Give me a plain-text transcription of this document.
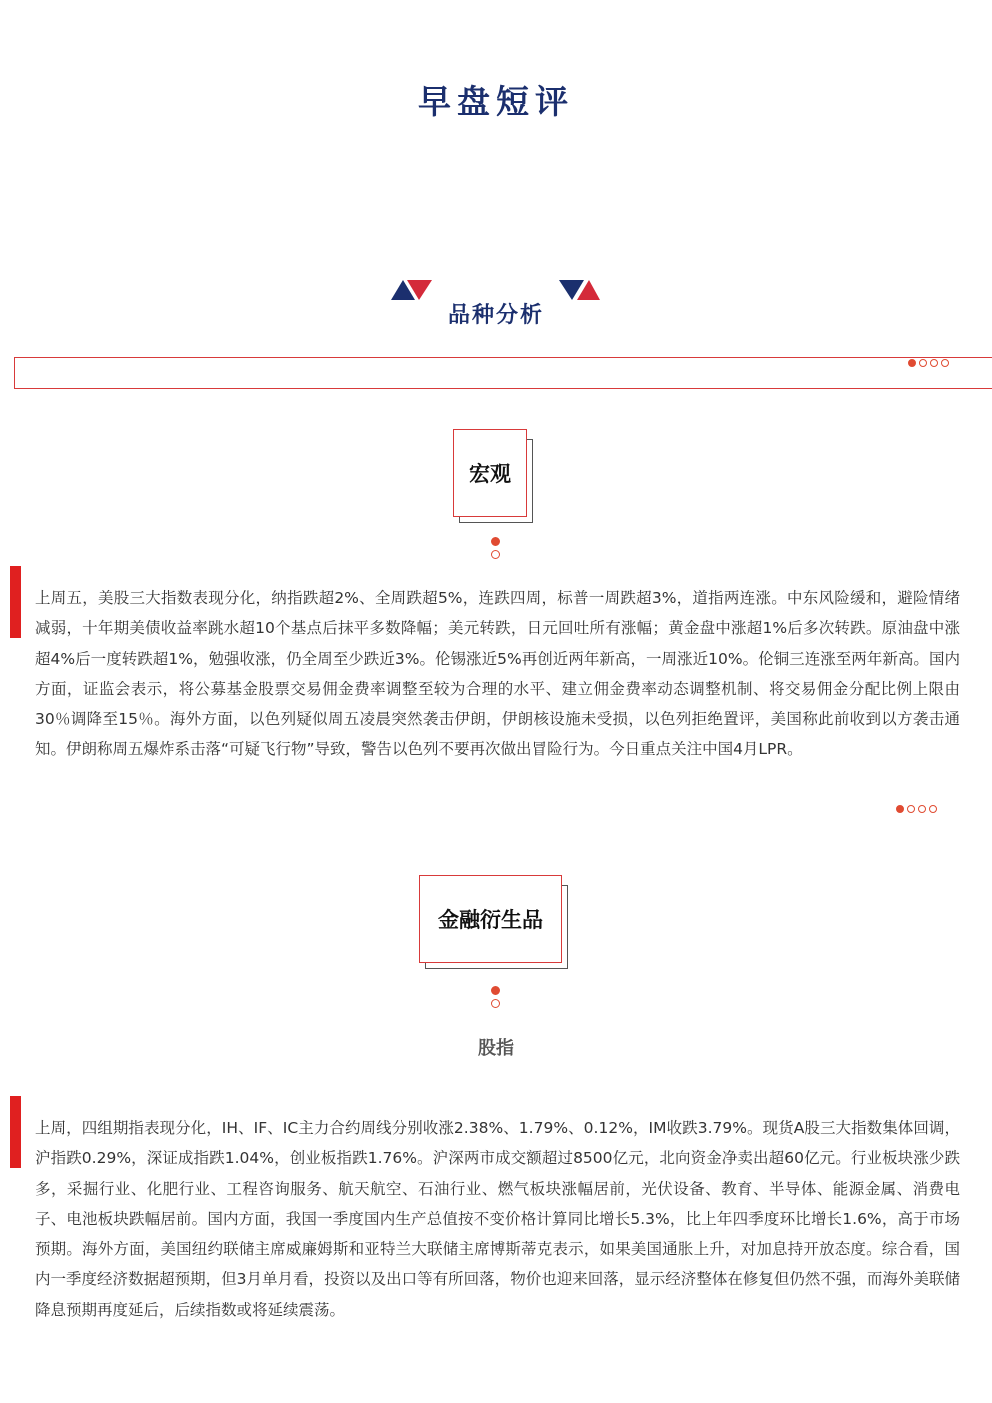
早盘短评
品种分析
宏观
上周五，美股三大指数表现分化，纳指跌超2%、全周跌超5%，连跌四周，标普一周跌超3%，道指两连涨。中东风险缓和，避险情绪减弱，十年期美债收益率跳水超10个基点后抹平多数降幅；美元转跌，日元回吐所有涨幅；黄金盘中涨超1%后多次转跌。原油盘中涨超4%后一度转跌超1%，勉强收涨，仍全周至少跌近3%。伦锡涨近5%再创近两年新高，一周涨近10%。伦铜三连涨至两年新高。国内方面，证监会表示，将公募基金股票交易佣金费率调整至较为合理的水平、建立佣金费率动态调整机制、将交易佣金分配比例上限由30％调降至15％。海外方面，以色列疑似周五凌晨突然袭击伊朗，伊朗核设施未受损，以色列拒绝置评，美国称此前收到以方袭击通知。伊朗称周五爆炸系击落“可疑飞行物”导致，警告以色列不要再次做出冒险行为。今日重点关注中国4月LPR。
金融衍生品
股指
上周，四组期指表现分化，IH、IF、IC主力合约周线分别收涨2.38%、1.79%、0.12%，IM收跌3.79%。现货A股三大指数集体回调，沪指跌0.29%，深证成指跌1.04%，创业板指跌1.76%。沪深两市成交额超过8500亿元，北向资金净卖出超60亿元。行业板块涨少跌多，采掘行业、化肥行业、工程咨询服务、航天航空、石油行业、燃气板块涨幅居前，光伏设备、教育、半导体、能源金属、消费电子、电池板块跌幅居前。国内方面，我国一季度国内生产总值按不变价格计算同比增长5.3%，比上年四季度环比增长1.6%，高于市场预期。海外方面，美国纽约联储主席威廉姆斯和亚特兰大联储主席博斯蒂克表示，如果美国通胀上升，对加息持开放态度。综合看，国内一季度经济数据超预期，但3月单月看，投资以及出口等有所回落，物价也迎来回落，显示经济整体在修复但仍然不强，而海外美联储降息预期再度延后，后续指数或将延续震荡。
